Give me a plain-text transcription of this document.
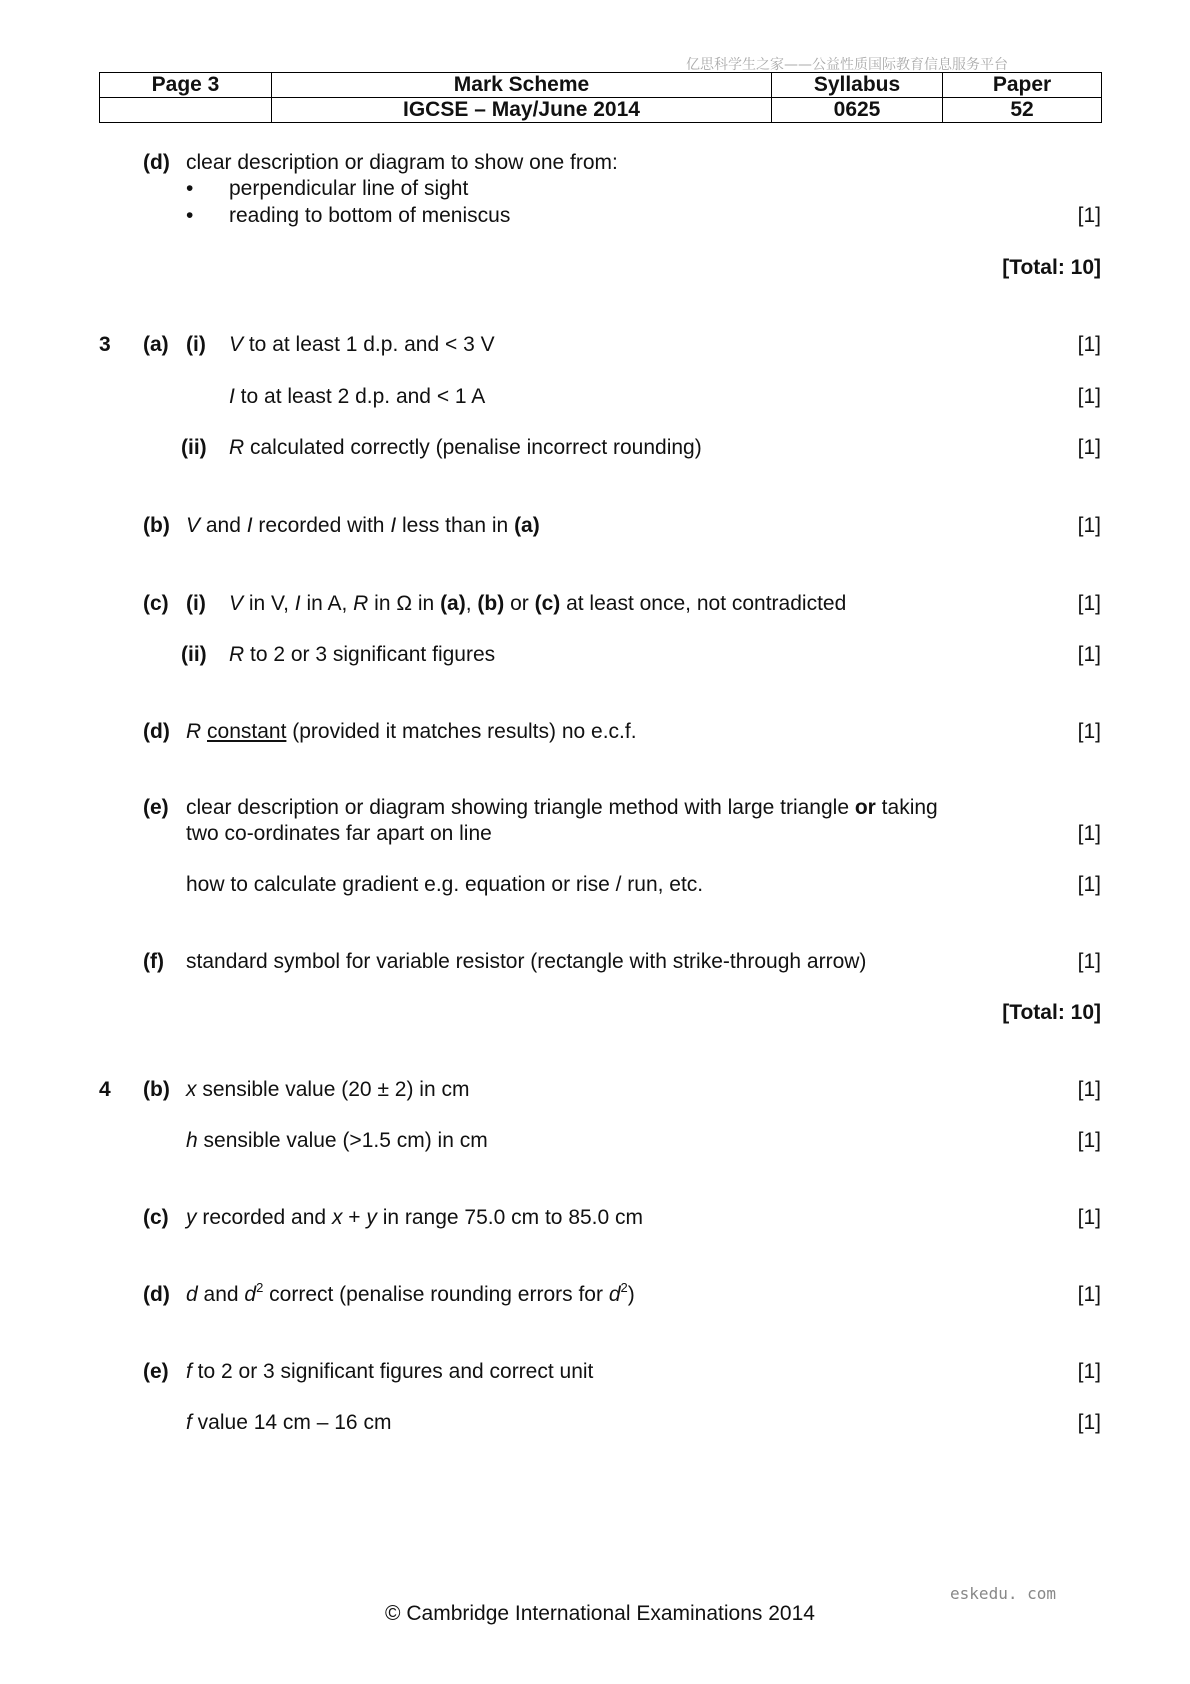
亿思科学生之家——公益性质国际教育信息服务平台
Page 3	Mark Scheme	Syllabus	Paper
	IGCSE – May/June 2014	0625	52
(d) clear description or diagram to show one from:
• perpendicular line of sight
• reading to bottom of meniscus	[1]
[Total: 10]
3 (a) (i) V to at least 1 d.p. and < 3 V	[1]
I to at least 2 d.p. and < 1 A	[1]
(ii) R calculated correctly (penalise incorrect rounding)	[1]
(b) V and I recorded with I less than in (a)	[1]
(c) (i) V in V, I in A, R in Ω in (a), (b) or (c) at least once, not contradicted	[1]
(ii) R to 2 or 3 significant figures	[1]
(d) R constant (provided it matches results) no e.c.f.	[1]
(e) clear description or diagram showing triangle method with large triangle or taking
two co-ordinates far apart on line	[1]
how to calculate gradient e.g. equation or rise / run, etc.	[1]
(f) standard symbol for variable resistor (rectangle with strike-through arrow)	[1]
[Total: 10]
4 (b) x sensible value (20 ± 2) in cm	[1]
h sensible value (>1.5 cm) in cm	[1]
(c) y recorded and x + y in range 75.0 cm to 85.0 cm	[1]
(d) d and $d^2$ correct (penalise rounding errors for $d^2$)	[1]
(e) f to 2 or 3 significant figures and correct unit	[1]
f value 14 cm – 16 cm	[1]
eskedu. com
© Cambridge International Examinations 2014
